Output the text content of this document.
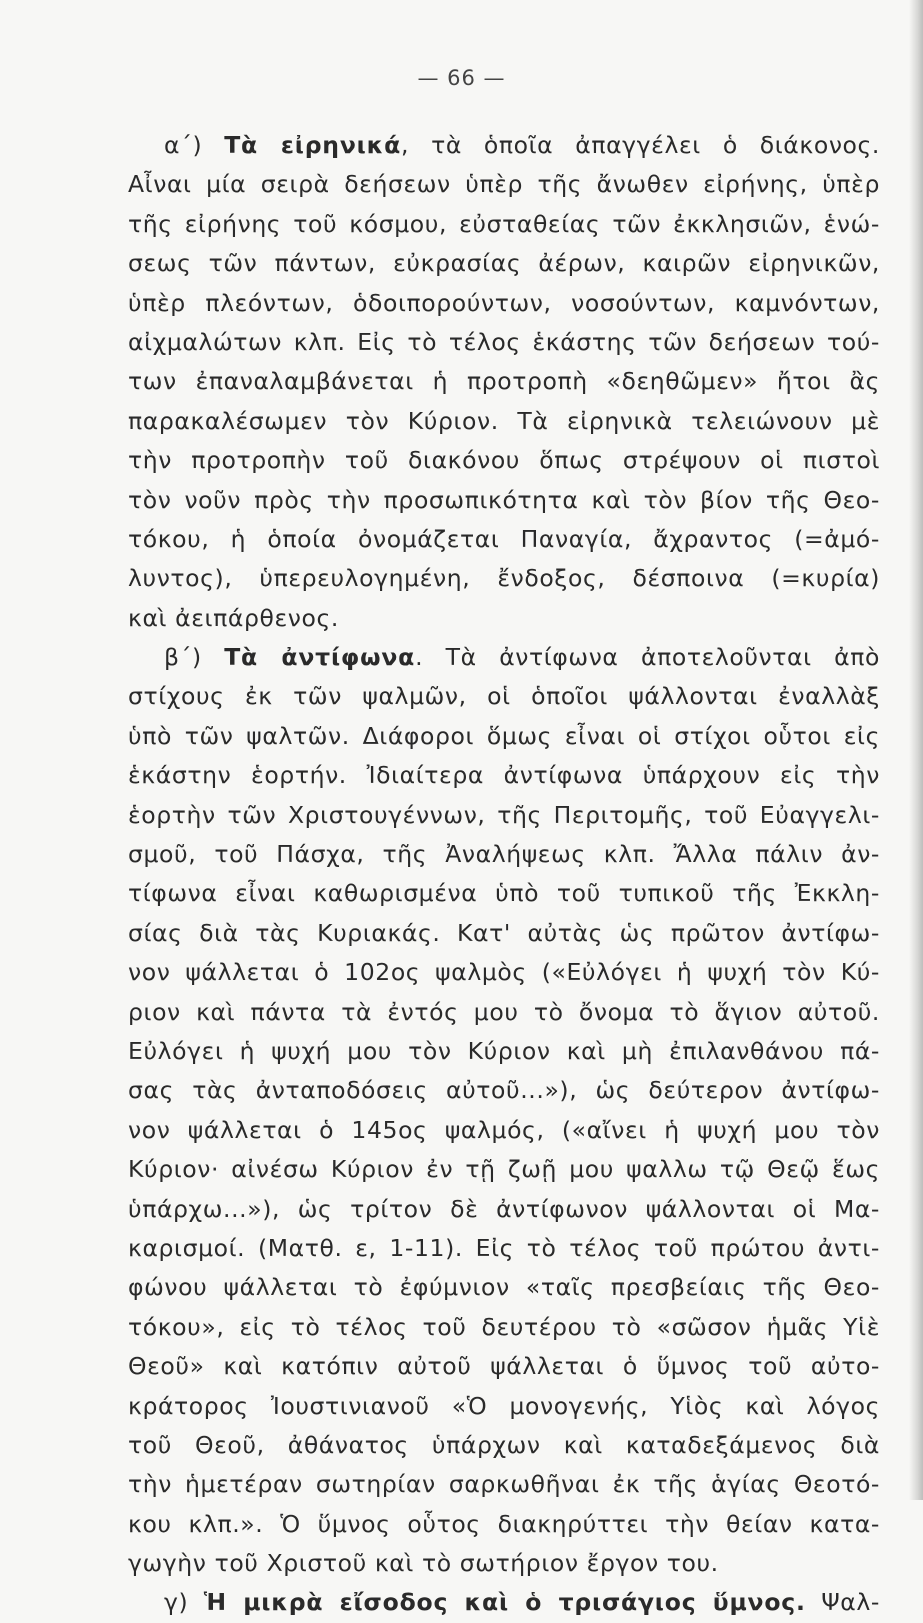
— 66 —
α΄) Τὰ εἰρηνικά, τὰ ὁποῖα ἀπαγγέλει ὁ διάκονος.
Αἶναι μία σειρὰ δεήσεων ὑπὲρ τῆς ἄνωθεν εἰρήνης, ὑπὲρ
τῆς εἰρήνης τοῦ κόσμου, εὐσταθείας τῶν ἐκκλησιῶν, ἑνώ-
σεως τῶν πάντων, εὐκρασίας ἀέρων, καιρῶν εἰρηνικῶν,
ὑπὲρ πλεόντων, ὁδοιπορούντων, νοσούντων, καμνόντων,
αἰχμαλώτων κλπ. Εἰς τὸ τέλος ἑκάστης τῶν δεήσεων τού-
των ἐπαναλαμβάνεται ἡ προτροπὴ «δεηθῶμεν» ἤτοι ἂς
παρακαλέσωμεν τὸν Κύριον. Τὰ εἰρηνικὰ τελειώνουν μὲ
τὴν προτροπὴν τοῦ διακόνου ὅπως στρέψουν οἱ πιστοὶ
τὸν νοῦν πρὸς τὴν προσωπικότητα καὶ τὸν βίον τῆς Θεο-
τόκου, ἡ ὁποία ὀνομάζεται Παναγία, ἄχραντος (=ἀμό-
λυντος), ὑπερευλογημένη, ἔνδοξος, δέσποινα (=κυρία)
καὶ ἀειπάρθενος.
β΄) Τὰ ἀντίφωνα. Τὰ ἀντίφωνα ἀποτελοῦνται ἀπὸ
στίχους ἐκ τῶν ψαλμῶν, οἱ ὁποῖοι ψάλλονται ἐναλλὰξ
ὑπὸ τῶν ψαλτῶν. Διάφοροι ὅμως εἶναι οἱ στίχοι οὗτοι εἰς
ἑκάστην ἑορτήν. Ἰδιαίτερα ἀντίφωνα ὑπάρχουν εἰς τὴν
ἑορτὴν τῶν Χριστουγέννων, τῆς Περιτομῆς, τοῦ Εὐαγγελι-
σμοῦ, τοῦ Πάσχα, τῆς Ἀναλήψεως κλπ. Ἄλλα πάλιν ἀν-
τίφωνα εἶναι καθωρισμένα ὑπὸ τοῦ τυπικοῦ τῆς Ἐκκλη-
σίας διὰ τὰς Κυριακάς. Κατ' αὐτὰς ὡς πρῶτον ἀντίφω-
νον ψάλλεται ὁ 102ος ψαλμὸς («Εὐλόγει ἡ ψυχή τὸν Κύ-
ριον καὶ πάντα τὰ ἐντός μου τὸ ὄνομα τὸ ἅγιον αὐτοῦ.
Εὐλόγει ἡ ψυχή μου τὸν Κύριον καὶ μὴ ἐπιλανθάνου πά-
σας τὰς ἀνταποδόσεις αὐτοῦ...»), ὡς δεύτερον ἀντίφω-
νον ψάλλεται ὁ 145ος ψαλμός, («αἴνει ἡ ψυχή μου τὸν
Κύριον· αἰνέσω Κύριον ἐν τῇ ζωῇ μου ψαλλω τῷ Θεῷ ἕως
ὑπάρχω...»), ὡς τρίτον δὲ ἀντίφωνον ψάλλονται οἱ Μα-
καρισμοί. (Ματθ. ε, 1-11). Εἰς τὸ τέλος τοῦ πρώτου ἀντι-
φώνου ψάλλεται τὸ ἐφύμνιον «ταῖς πρεσβείαις τῆς Θεο-
τόκου», εἰς τὸ τέλος τοῦ δευτέρου τὸ «σῶσον ἡμᾶς Υἱὲ
Θεοῦ» καὶ κατόπιν αὐτοῦ ψάλλεται ὁ ὕμνος τοῦ αὐτο-
κράτορος Ἰουστινιανοῦ «Ὁ μονογενής, Υἱὸς καὶ λόγος
τοῦ Θεοῦ, ἀθάνατος ὑπάρχων καὶ καταδεξάμενος διὰ
τὴν ἡμετέραν σωτηρίαν σαρκωθῆναι ἐκ τῆς ἁγίας Θεοτό-
κου κλπ.». Ὁ ὕμνος οὗτος διακηρύττει τὴν θείαν κατα-
γωγὴν τοῦ Χριστοῦ καὶ τὸ σωτήριον ἔργον του.
γ) Ἡ μικρὰ εἴσοδος καὶ ὁ τρισάγιος ὕμνος. Ψαλ-
